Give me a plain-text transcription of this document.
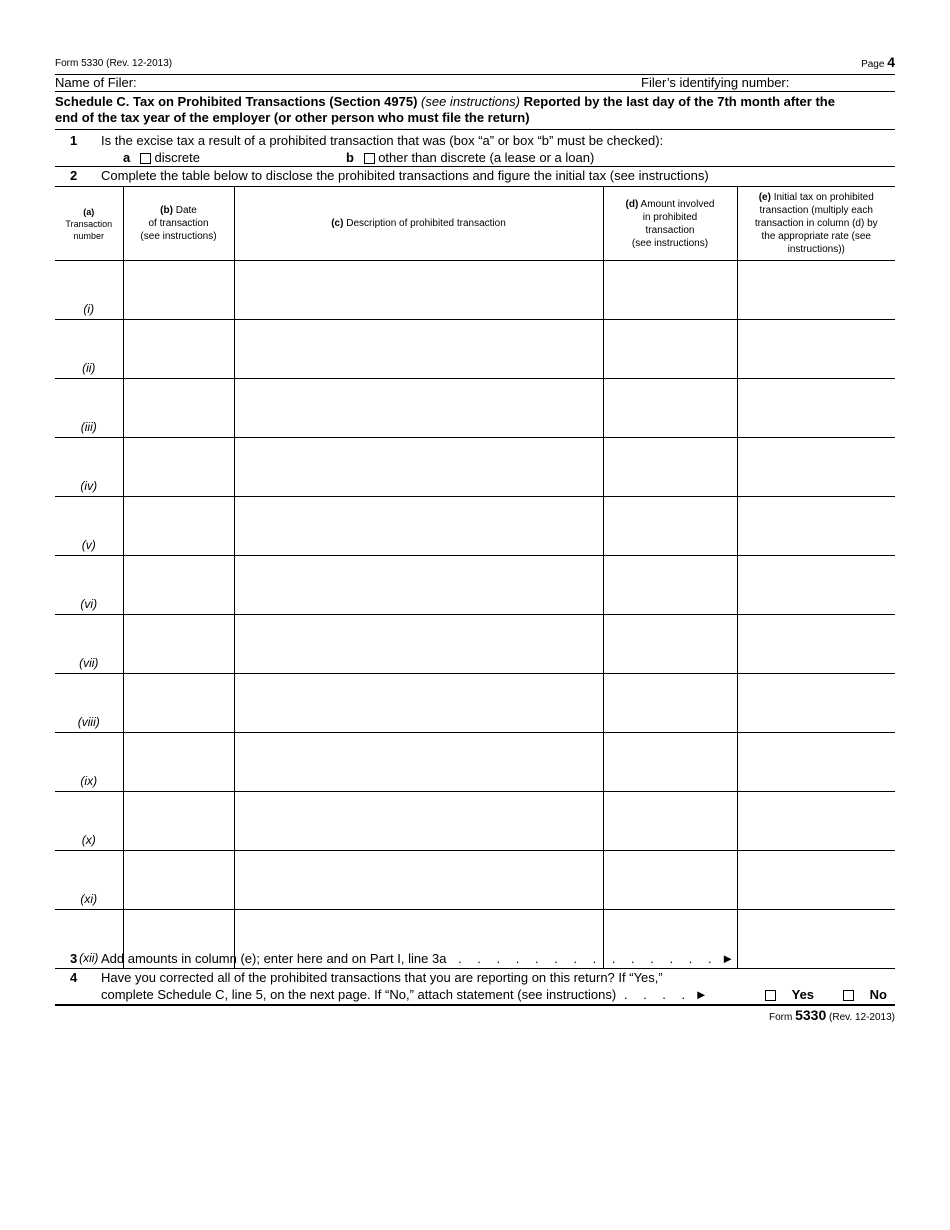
Form 5330 (Rev. 12-2013)	Page 4
Name of Filer:	Filer’s identifying number:
Schedule C. Tax on Prohibited Transactions (Section 4975) (see instructions) Reported by the last day of the 7th month after the
end of the tax year of the employer (or other person who must file the return)
1 Is the excise tax a result of a prohibited transaction that was (box “a” or box “b” must be checked):
a discrete	b other than discrete (a lease or a loan)
2 Complete the table below to disclose the prohibited transactions and figure the initial tax (see instructions)
(a)
Transaction
number	(b) Date
of transaction
(see instructions)	(c) Description of prohibited transaction	(d) Amount involved
in prohibited
transaction
(see instructions)	(e) Initial tax on prohibited
transaction (multiply each
transaction in column (d) by
the appropriate rate (see
instructions))
(i)				
(ii)				
(iii)				
(iv)				
(v)				
(vi)				
(vii)				
(viii)				
(ix)				
(x)				
(xi)				
(xii)				
3 Add amounts in column (e); enter here and on Part I, line 3a . . . . . . . . . . . . . . ►
4 Have you corrected all of the prohibited transactions that you are reporting on this return? If “Yes,”
complete Schedule C, line 5, on the next page. If “No,” attach statement (see instructions) . . . . ►	Yes	No
Form 5330 (Rev. 12-2013)
